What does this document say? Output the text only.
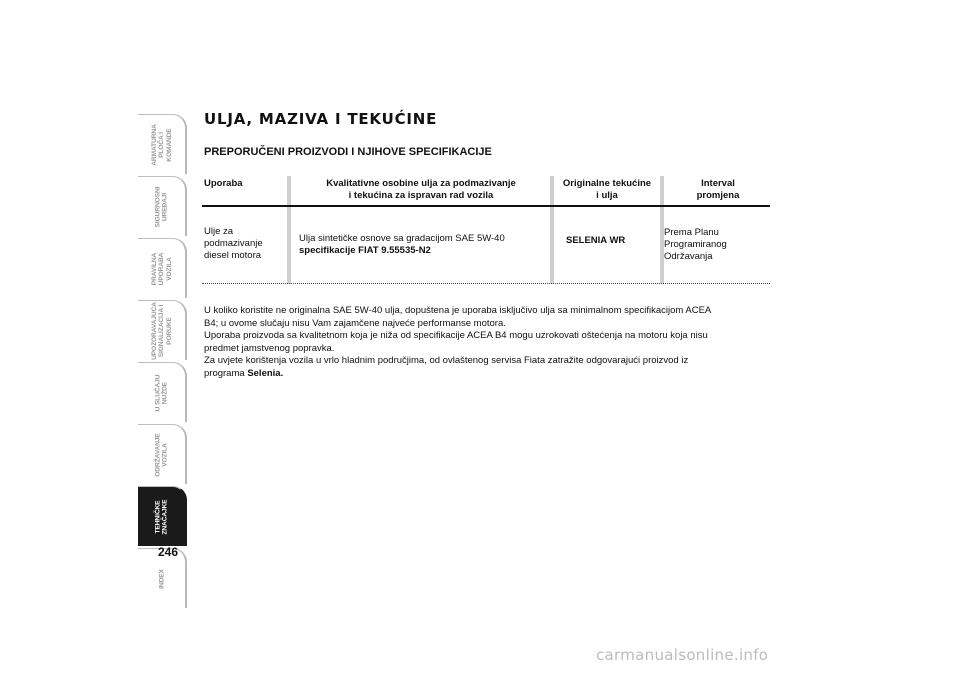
ARMATURNA
PLOČA I
KOMANDE
SIGURNOSNI
UREĐAJI
PRAVILNA
UPORABA
VOZILA
UPOZORAVAJUĆA
SIGNALIZACIJA I
PORUKE
U SLUČAJU
NUŽDE
ODRŽAVANJE
VOZILA
TEHNIČKE
ZNAČAJKE
INDEX
246
ULJA, MAZIVA I TEKUĆINE
PREPORUČENI PROIZVODI I NJIHOVE SPECIFIKACIJE
Uporaba	Kvalitativne osobine ulja za podmazivanje
i tekućina za ispravan rad vozila
Originalne tekućine
i ulja
Interval
promjena
Ulje za
podmazivanje
diesel motora
Ulja sintetičke osnove sa gradacijom SAE 5W-40
specifikacije FIAT 9.55535-N2
SELENIA WR
Prema Planu
Programiranog
Održavanja
U koliko koristite ne originalna SAE 5W-40 ulja, dopuštena je uporaba isključivo ulja sa minimalnom specifikacijom ACEA
B4; u ovome slučaju nisu Vam zajamčene najveće performanse motora.
Uporaba proizvoda sa kvalitetnom koja je niža od specifikacije ACEA B4 mogu uzrokovati oštećenja na motoru koja nisu
predmet jamstvenog popravka.
Za uvjete korištenja vozila u vrlo hladnim područjima, od ovlaštenog servisa Fiata zatražite odgovarajući proizvod iz
programa Selenia.
carmanualsonline.info
